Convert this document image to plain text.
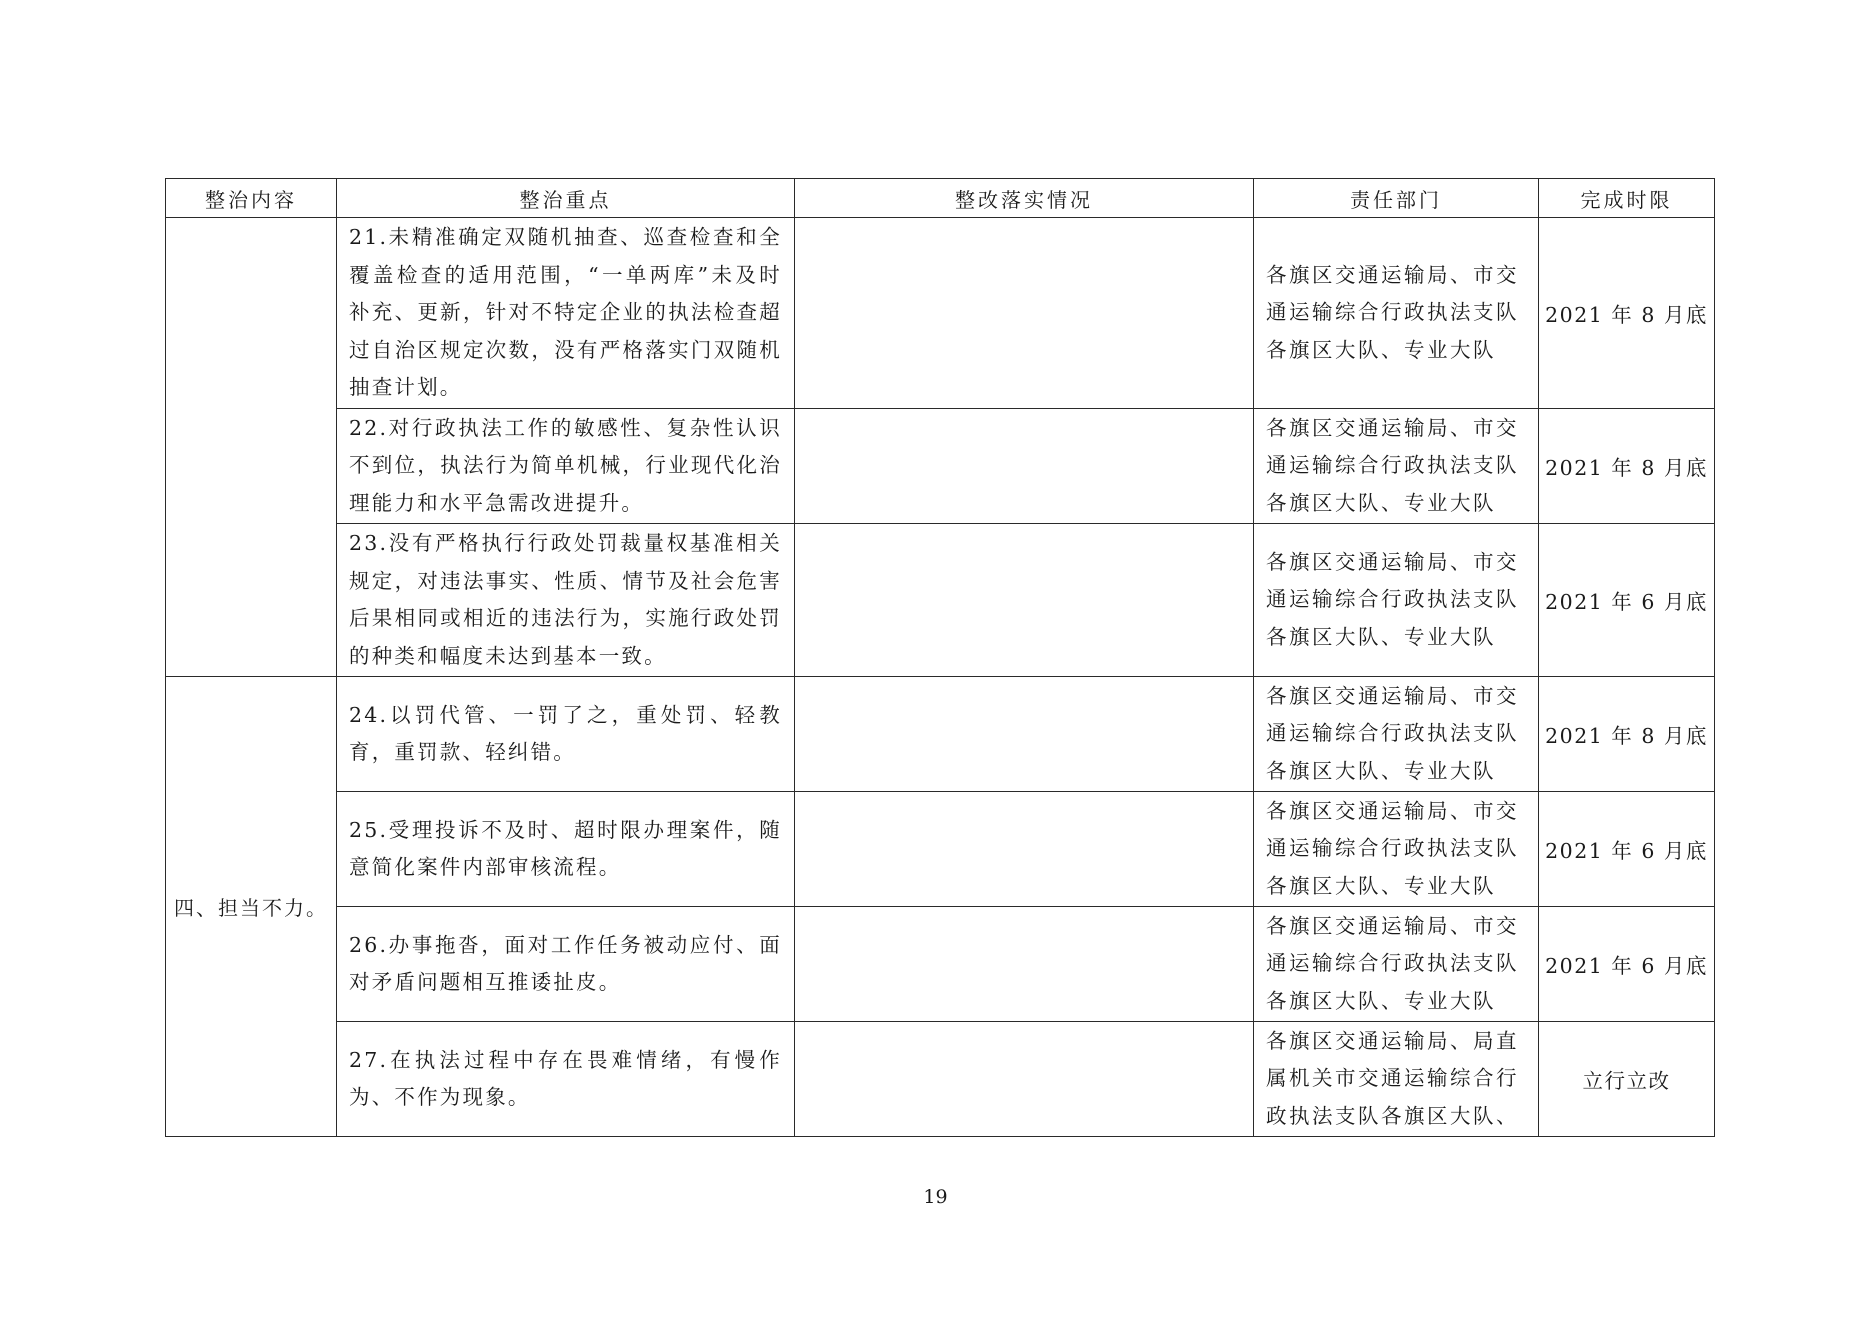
整治内容	整治重点	整改落实情况	责任部门	完成时限
	21.未精准确定双随机抽查、巡查检查和全覆盖检查的适用范围，“一单两库”未及时补充、更新，针对不特定企业的执法检查超过自治区规定次数，没有严格落实门双随机抽查计划。		各旗区交通运输局、市交通运输综合行政执法支队各旗区大队、专业大队	2021 年 8 月底
	22.对行政执法工作的敏感性、复杂性认识不到位，执法行为简单机械，行业现代化治理能力和水平急需改进提升。		各旗区交通运输局、市交通运输综合行政执法支队各旗区大队、专业大队	2021 年 8 月底
	23.没有严格执行行政处罚裁量权基准相关规定，对违法事实、性质、情节及社会危害后果相同或相近的违法行为，实施行政处罚的种类和幅度未达到基本一致。		各旗区交通运输局、市交通运输综合行政执法支队各旗区大队、专业大队	2021 年 6 月底
四、担当不力。	24.以罚代管、一罚了之，重处罚、轻教育，重罚款、轻纠错。		各旗区交通运输局、市交通运输综合行政执法支队各旗区大队、专业大队	2021 年 8 月底
	25.受理投诉不及时、超时限办理案件，随意简化案件内部审核流程。		各旗区交通运输局、市交通运输综合行政执法支队各旗区大队、专业大队	2021 年 6 月底
	26.办事拖沓，面对工作任务被动应付、面对矛盾问题相互推诿扯皮。		各旗区交通运输局、市交通运输综合行政执法支队各旗区大队、专业大队	2021 年 6 月底
	27.在执法过程中存在畏难情绪，有慢作为、不作为现象。		各旗区交通运输局、局直属机关市交通运输综合行政执法支队各旗区大队、	立行立改
19
